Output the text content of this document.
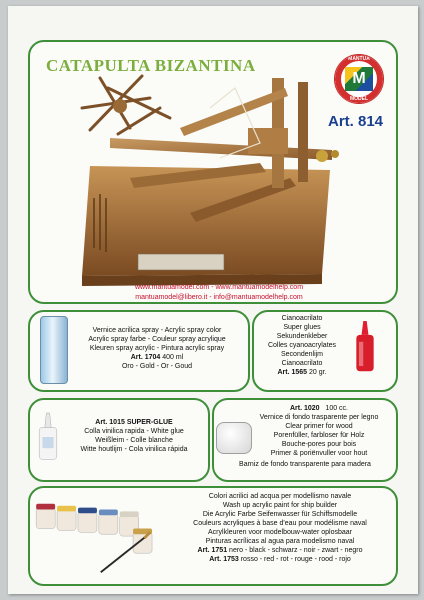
CATAPULTA BIZANTINA	MANTUA
M
MODEL

Art. 814

www.mantuamodel.com - www.mantuamodelhelp.com
mantuamodel@libero.it - info@mantuamodelhelp.com
Vernice acrilica spray - Acrylic spray color
Acrylic spray farbe - Couleur spray acrylique
Kleuren spray acrylic - Pintura acrylic spray
Art. 1704 400 ml
Oro - Gold - Or - Goud
Cianoacrilato
Super glues
Sekundenkleber
Colles cyanoacrylates
Secondenlijm
Cianoacrilato
Art. 1565 20 gr.
Art. 1015 SUPER-GLUE
Colla vinilica rapida - White glue
Weißleim - Colle blanche
Witte houtlijm - Cola vinilica rápida
Art. 1020 100 cc.
Vernice di fondo trasparente per legno
Clear primer for wood
Porenfüller, farbloser für Holz
Bouche-pores pour bois
Primer & poriënvuller voor hout
Barniz de fondo transparente para madera
Colori acrilici ad acqua per modellismo navale
Wash up acrylic paint for ship builder
Die Acrylic Farbe Seifenwasser für Schiffsmodelle
Couleurs acryliques à base d'eau pour modélisme naval
Acrylkleuren voor modelbouw-water oplosbaar
Pinturas acrílicas al agua para modelismo naval
Art. 1751 nero - black - schwarz - noir - zwart - negro
Art. 1753 rosso - red - rot - rouge - rood - rojo
